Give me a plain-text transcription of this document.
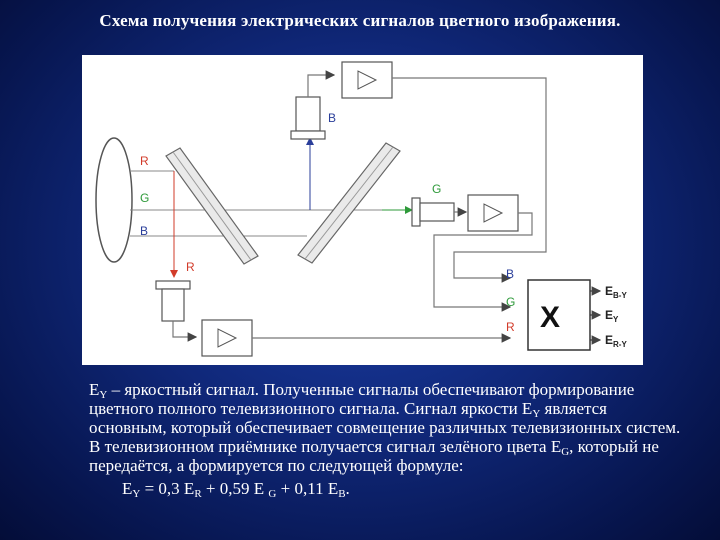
Схема получения электрических сигналов цветного изображения.
R
G
B
B
G
R	B
G
R X
$E_{B-Y}$
$E_Y$
$E_{R-Y}$

$E_Y$ – яркостный сигнал. Полученные сигналы обеспечивают формирование цветного полного телевизионного сигнала. Сигнал яркости $E_Y$ является основным, который обеспечивает совмещение различных телевизионных систем. В телевизионном приёмнике получается сигнал зелёного цвета $E_G$, который не передаётся, а формируется по следующей формуле:

$E_Y = 0,3$ $E_R + 0,59$ E $_G$ + 0,11 $E_B$.
